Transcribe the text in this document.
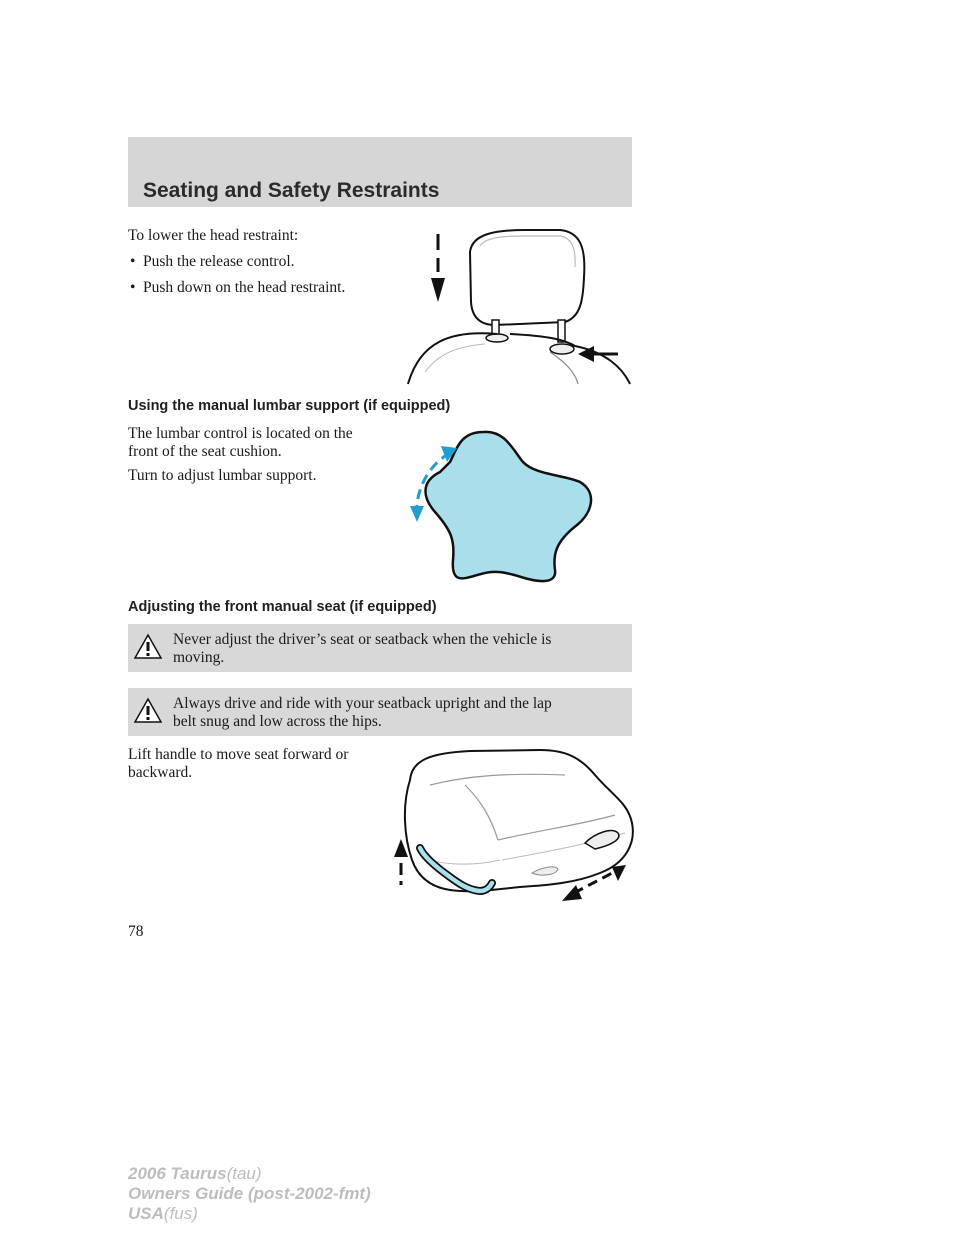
Seating and Safety Restraints
To lower the head restraint:
• Push the release control.
• Push down on the head restraint.
Using the manual lumbar support (if equipped)
The lumbar control is located on the
front of the seat cushion.
Turn to adjust lumbar support.
Adjusting the front manual seat (if equipped)
Never adjust the driver’s seat or seatback when the vehicle is
moving.
Always drive and ride with your seatback upright and the lap
belt snug and low across the hips.
Lift handle to move seat forward or
backward.
78
2006 Taurus(tau)
Owners Guide (post-2002-fmt)
USA(fus)
